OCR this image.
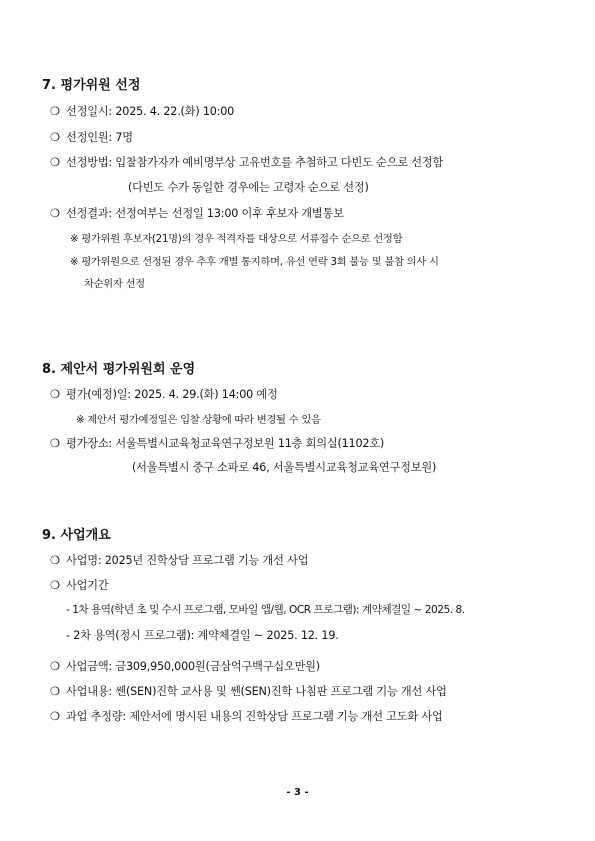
7. 평가위원 선정
❍ 선정일시: 2025. 4. 22.(화) 10:00
❍ 선정인원: 7명
❍ 선정방법: 입찰참가자가 예비명부상 고유번호를 추첨하고 다빈도 순으로 선정함
(다빈도 수가 동일한 경우에는 고령자 순으로 선정)
❍ 선정결과: 선정여부는 선정일 13:00 이후 후보자 개별통보
※ 평가위원 후보자(21명)의 경우 적격자를 대상으로 서류접수 순으로 선정함
※ 평가위원으로 선정된 경우 추후 개별 통지하며, 유선 연락 3회 불능 및 불참 의사 시
차순위자 선정
8. 제안서 평가위원회 운영
❍ 평가(예정)일: 2025. 4. 29.(화) 14:00 예정
※ 제안서 평가예정일은 입찰 상황에 따라 변경될 수 있음
❍ 평가장소: 서울특별시교육청교육연구정보원 11층 회의실(1102호)
(서울특별시 중구 소파로 46, 서울특별시교육청교육연구정보원)
9. 사업개요
❍ 사업명: 2025년 진학상담 프로그램 기능 개선 사업
❍ 사업기간
- 1차 용역(학년 초 및 수시 프로그램, 모바일 앱/웹, OCR 프로그램): 계약체결일 ~ 2025. 8.
- 2차 용역(정시 프로그램): 계약체결일 ~ 2025. 12. 19.
❍ 사업금액: 금309,950,000원(금삼억구백구십오만원)
❍ 사업내용: 쎈(SEN)진학 교사용 및 쎈(SEN)진학 나침판 프로그램 기능 개선 사업
❍ 과업 추정량: 제안서에 명시된 내용의 진학상담 프로그램 기능 개선 고도화 사업
- 3 -
